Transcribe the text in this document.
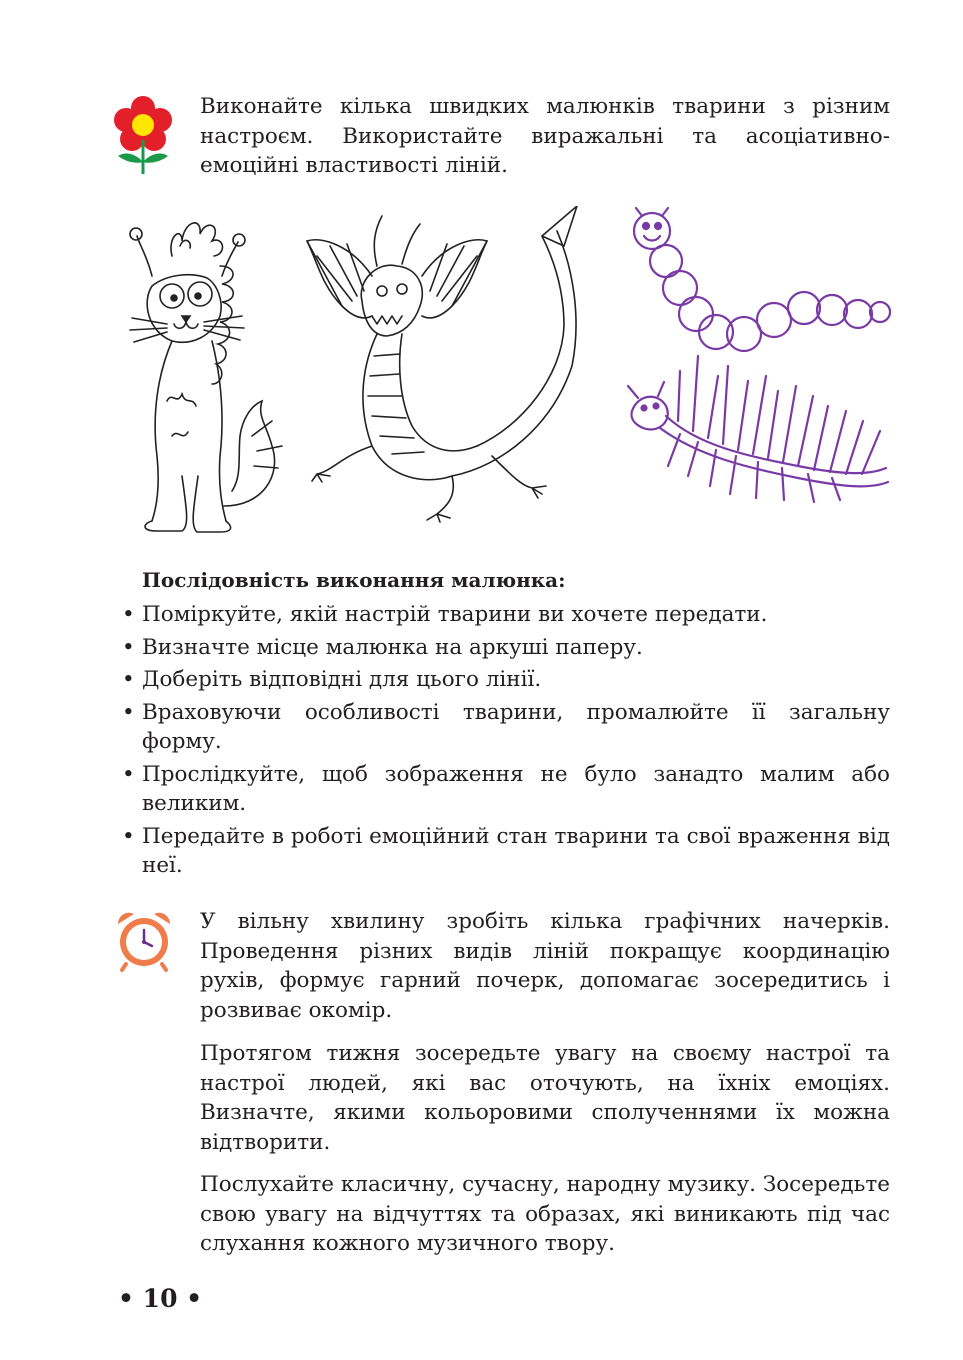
Виконайте кілька швидких малюнків тварини з різним настроєм. Використайте виражальні та асоціативно-емоційні властивості ліній.

Послідовність виконання малюнка:

• Поміркуйте, якій настрій тварини ви хочете передати.
• Визначте місце малюнка на аркуші паперу.
• Доберіть відповідні для цього лінії.
• Враховуючи особливості тварини, промалюйте її загальну форму.
• Прослідкуйте, щоб зображення не було занадто малим або великим.
• Передайте в роботі емоційний стан тварини та свої враження від неї.

У вільну хвилину зробіть кілька графічних начерків. Проведення різних видів ліній покращує координацію рухів, формує гарний почерк, допомагає зосередитись і розвиває окомір.

Протягом тижня зосередьте увагу на своєму настрої та настрої людей, які вас оточують, на їхніх емоціях. Визначте, якими кольоровими сполученнями їх можна відтворити.

Послухайте класичну, сучасну, народну музику. Зосередьте свою увагу на відчуттях та образах, які виникають під час слухання кожного музичного твору.

• 10 •
